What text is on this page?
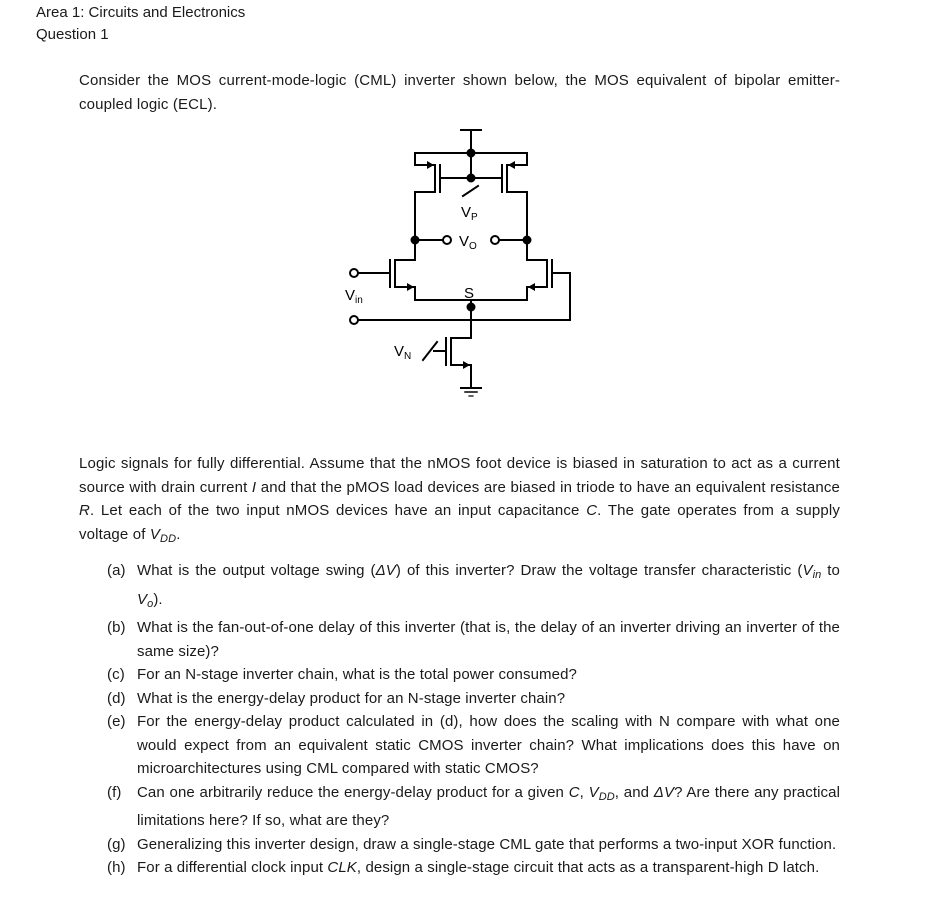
Area 1: Circuits and Electronics
Question 1
Consider the MOS current-mode-logic (CML) inverter shown below, the MOS equivalent of bipolar emitter-coupled logic (ECL).
$V_P$
$V_O$
S
$V_{in}$
$V_N$
Logic signals for fully differential. Assume that the nMOS foot device is biased in saturation to act as a current source with drain current I and that the pMOS load devices are biased in triode to have an equivalent resistance R. Let each of the two input nMOS devices have an input capacitance C. The gate operates from a supply voltage of $V_{DD}$.
(a) What is the output voltage swing (ΔV) of this inverter? Draw the voltage transfer characteristic ($V_{in}$ to $V_o$).
(b) What is the fan-out-of-one delay of this inverter (that is, the delay of an inverter driving an inverter of the same size)?
(c) For an N-stage inverter chain, what is the total power consumed?
(d) What is the energy-delay product for an N-stage inverter chain?
(e) For the energy-delay product calculated in (d), how does the scaling with N compare with what one would expect from an equivalent static CMOS inverter chain? What implications does this have on microarchitectures using CML compared with static CMOS?
(f)	Can one arbitrarily reduce the energy-delay product for a given C, $V_{DD}$, and ΔV? Are there any practical limitations here? If so, what are they?
(g) Generalizing this inverter design, draw a single-stage CML gate that performs a two-input XOR function.
(h) For a differential clock input CLK, design a single-stage circuit that acts as a transparent-high D latch.
